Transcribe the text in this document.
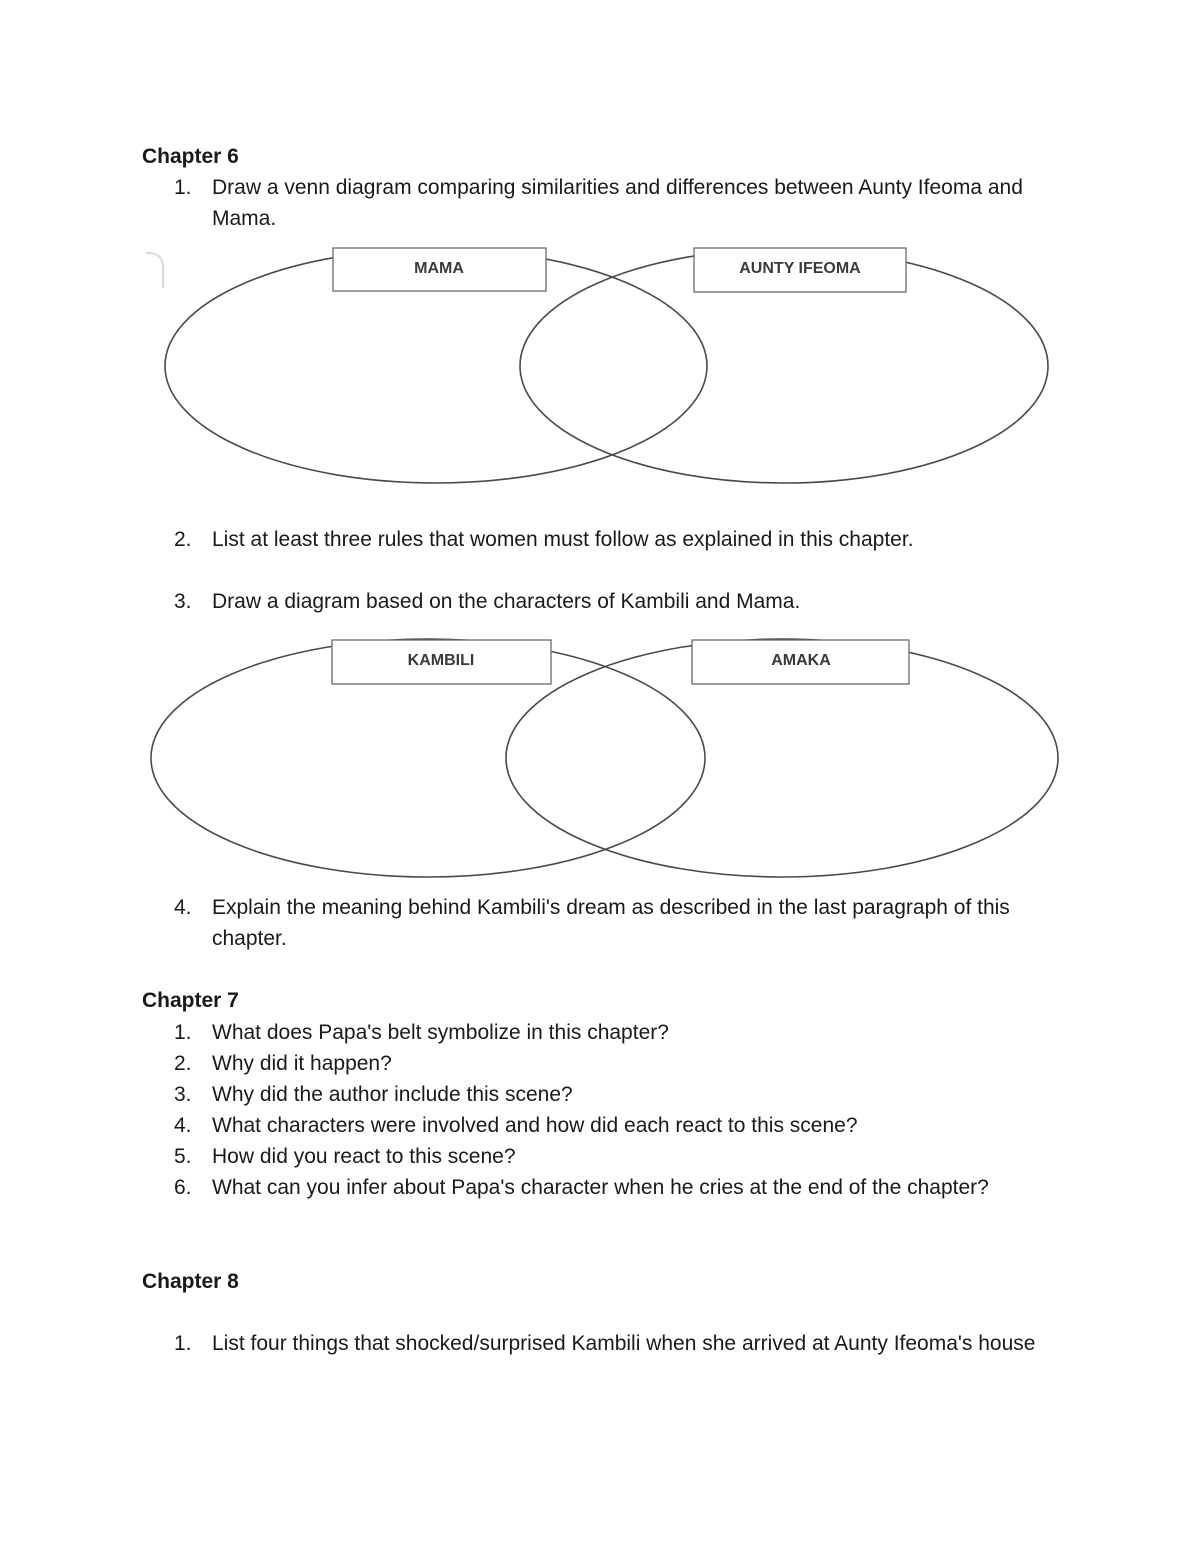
Chapter 6
1. Draw a venn diagram comparing similarities and differences between Aunty Ifeoma and Mama.
MAMA	AUNTY IFEOMA
2. List at least three rules that women must follow as explained in this chapter.
3. Draw a diagram based on the characters of Kambili and Mama.
KAMBILI	AMAKA
4. Explain the meaning behind Kambili's dream as described in the last paragraph of this chapter.
Chapter 7
1. What does Papa's belt symbolize in this chapter?
2. Why did it happen?
3. Why did the author include this scene?
4. What characters were involved and how did each react to this scene?
5. How did you react to this scene?
6. What can you infer about Papa's character when he cries at the end of the chapter?
Chapter 8
1. List four things that shocked/surprised Kambili when she arrived at Aunty Ifeoma's house
